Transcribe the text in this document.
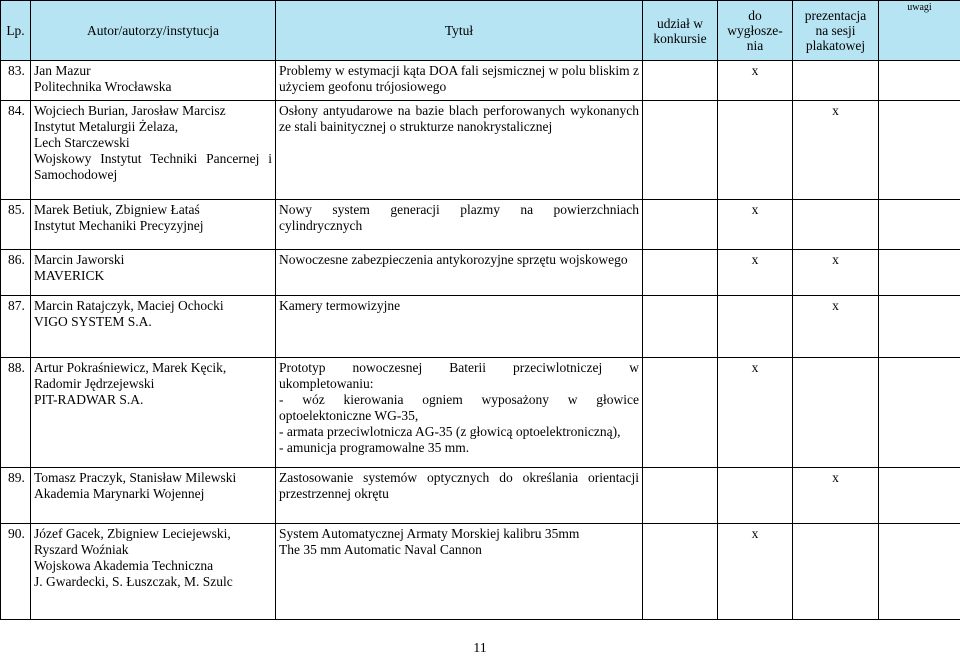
Lp.	Autor/autorzy/instytucja	Tytuł	udział w
konkursie	do
wygłosze-
nia	prezentacja
na sesji
plakatowej	uwagi
83.	Jan Mazur
Politechnika Wrocławska	Problemy w estymacji kąta DOA fali sejsmicznej w polu bliskim z użyciem geofonu trójosiowego		x		
84.	Wojciech Burian, Jarosław Marcisz
Instytut Metalurgii Żelaza,
Lech Starczewski
Wojskowy Instytut Techniki Pancernej i Samochodowej	Osłony antyudarowe na bazie blach perforowanych wykonanych ze stali bainitycznej o strukturze nanokrystalicznej			x	
85.	Marek Betiuk, Zbigniew Łataś
Instytut Mechaniki Precyzyjnej	Nowy system generacji plazmy na powierzchniach cylindrycznych		x		
86.	Marcin Jaworski
MAVERICK	Nowoczesne zabezpieczenia antykorozyjne sprzętu wojskowego		x	x	
87.	Marcin Ratajczyk, Maciej Ochocki
VIGO SYSTEM S.A.	Kamery termowizyjne			x	
88.	Artur Pokraśniewicz, Marek Kęcik, Radomir Jędrzejewski
PIT-RADWAR S.A.	Prototyp nowoczesnej Baterii przeciwlotniczej w ukompletowaniu:
- wóz kierowania ogniem wyposażony w głowice optoelektoniczne WG-35,
- armata przeciwlotnicza AG-35 (z głowicą optoelektroniczną),
- amunicja programowalne 35 mm.		x		
89.	Tomasz Praczyk, Stanisław Milewski
Akademia Marynarki Wojennej	Zastosowanie systemów optycznych do określania orientacji przestrzennej okrętu			x	
90.	Józef Gacek, Zbigniew Leciejewski, Ryszard Woźniak
Wojskowa Akademia Techniczna
J. Gwardecki, S. Łuszczak, M. Szulc	System Automatycznej Armaty Morskiej kalibru 35mm
The 35 mm Automatic Naval Cannon		x		
11
